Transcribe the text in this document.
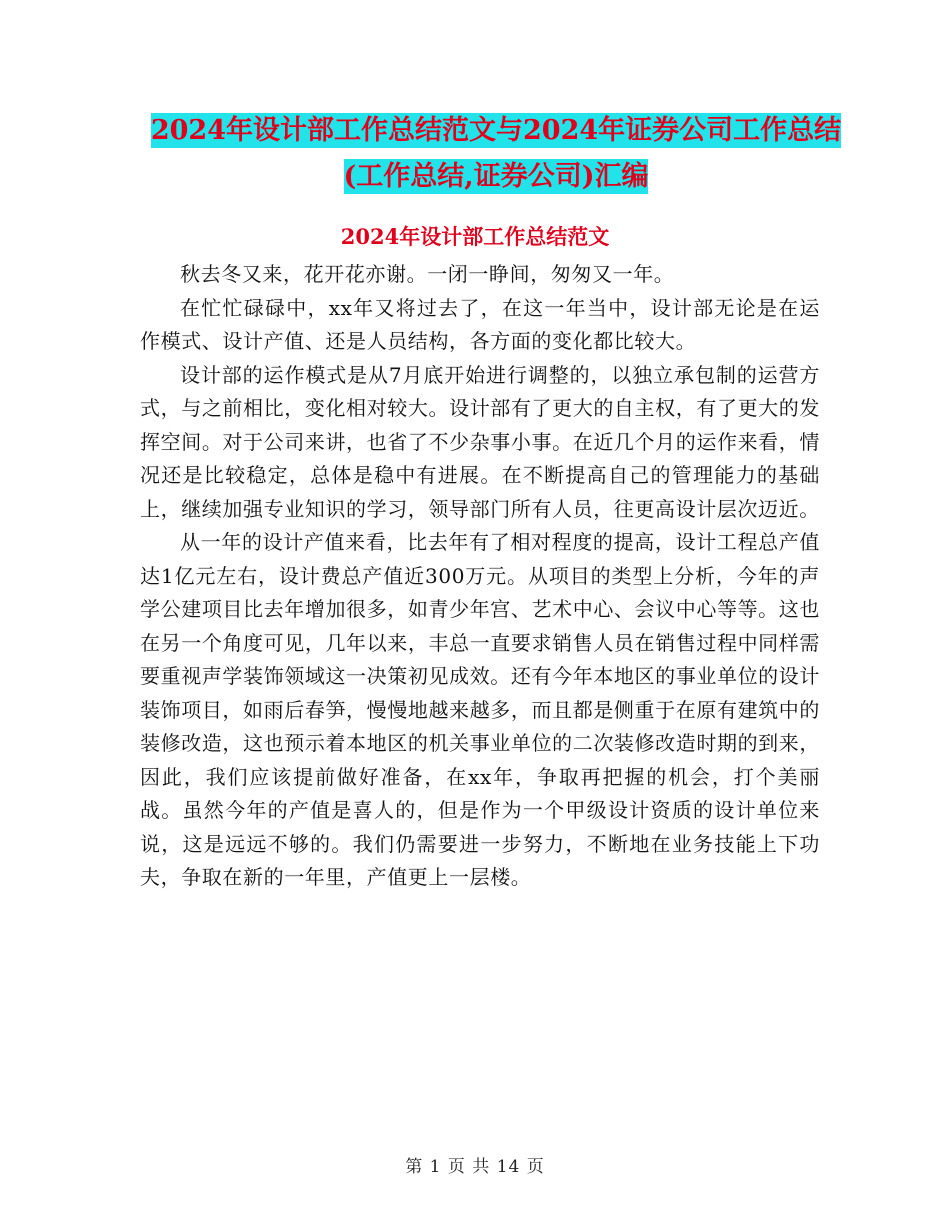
2024年设计部工作总结范文与2024年证券公司工作总结(工作总结,证券公司)汇编
2024年设计部工作总结范文

秋去冬又来，花开花亦谢。一闭一睁间，匆匆又一年。

在忙忙碌碌中，xx年又将过去了，在这一年当中，设计部无论是在运作模式、设计产值、还是人员结构，各方面的变化都比较大。

设计部的运作模式是从7月底开始进行调整的，以独立承包制的运营方式，与之前相比，变化相对较大。设计部有了更大的自主权，有了更大的发挥空间。对于公司来讲，也省了不少杂事小事。在近几个月的运作来看，情况还是比较稳定，总体是稳中有进展。在不断提高自己的管理能力的基础上，继续加强专业知识的学习，领导部门所有人员，往更高设计层次迈近。

从一年的设计产值来看，比去年有了相对程度的提高，设计工程总产值达1亿元左右，设计费总产值近300万元。从项目的类型上分析，今年的声学公建项目比去年增加很多，如青少年宫、艺术中心、会议中心等等。这也在另一个角度可见，几年以来，丰总一直要求销售人员在销售过程中同样需要重视声学装饰领域这一决策初见成效。还有今年本地区的事业单位的设计装饰项目，如雨后春笋，慢慢地越来越多，而且都是侧重于在原有建筑中的装修改造，这也预示着本地区的机关事业单位的二次装修改造时期的到来，因此，我们应该提前做好准备，在xx年，争取再把握的机会，打个美丽战。虽然今年的产值是喜人的，但是作为一个甲级设计资质的设计单位来说，这是远远不够的。我们仍需要进一步努力，不断地在业务技能上下功夫，争取在新的一年里，产值更上一层楼。

第 1 页 共 14 页
